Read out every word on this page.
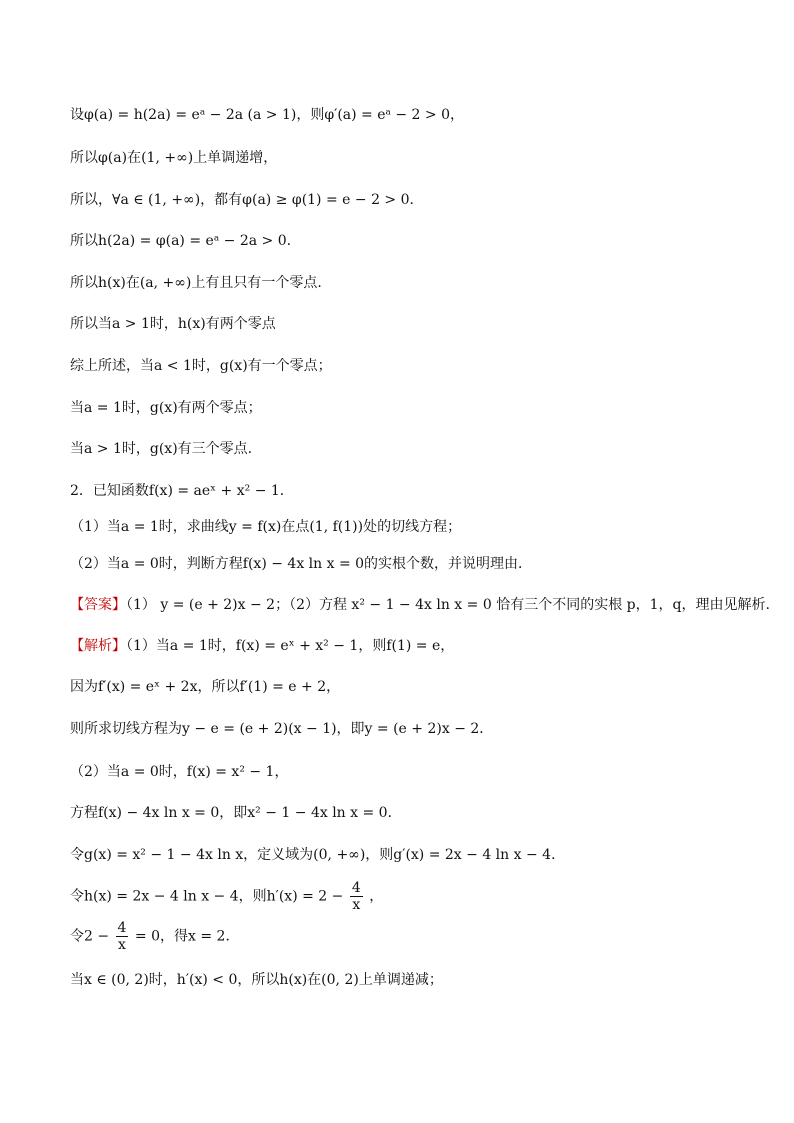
设φ(a) = h(2a) = eᵃ − 2a (a > 1)，则φ′(a) = eᵃ − 2 > 0，
所以φ(a)在(1, +∞)上单调递增，
所以，∀a ∈ (1, +∞)，都有φ(a) ≥ φ(1) = e − 2 > 0.
所以h(2a) = φ(a) = eᵃ − 2a > 0.
所以h(x)在(a, +∞)上有且只有一个零点.
所以当a > 1时，h(x)有两个零点
综上所述，当a < 1时，g(x)有一个零点；
当a = 1时，g(x)有两个零点；
当a > 1时，g(x)有三个零点.
2．已知函数f(x) = aeˣ + x² − 1．
（1）当a = 1时，求曲线y = f(x)在点(1, f(1))处的切线方程；
（2）当a = 0时，判断方程f(x) − 4x ln x = 0的实根个数，并说明理由．
【答案】（1） y = (e + 2)x − 2；（2）方程 x² − 1 − 4x ln x = 0 恰有三个不同的实根 p，1，q，理由见解析.
【解析】（1）当a = 1时，f(x) = eˣ + x² − 1，则f(1) = e，
因为f′(x) = eˣ + 2x，所以f′(1) = e + 2，
则所求切线方程为y − e = (e + 2)(x − 1)，即y = (e + 2)x − 2．
（2）当a = 0时，f(x) = x² − 1，
方程f(x) − 4x ln x = 0，即x² − 1 − 4x ln x = 0．
令g(x) = x² − 1 − 4x ln x，定义域为(0, +∞)，则g′(x) = 2x − 4 ln x − 4．
令h(x) = 2x − 4 ln x − 4，则$h'(x) = 2 - \frac{4}{x}$ ，
令$2 - \frac{4}{x} = 0$，得x = 2．
当x ∈ (0, 2)时，h′(x) < 0，所以h(x)在(0, 2)上单调递减；
